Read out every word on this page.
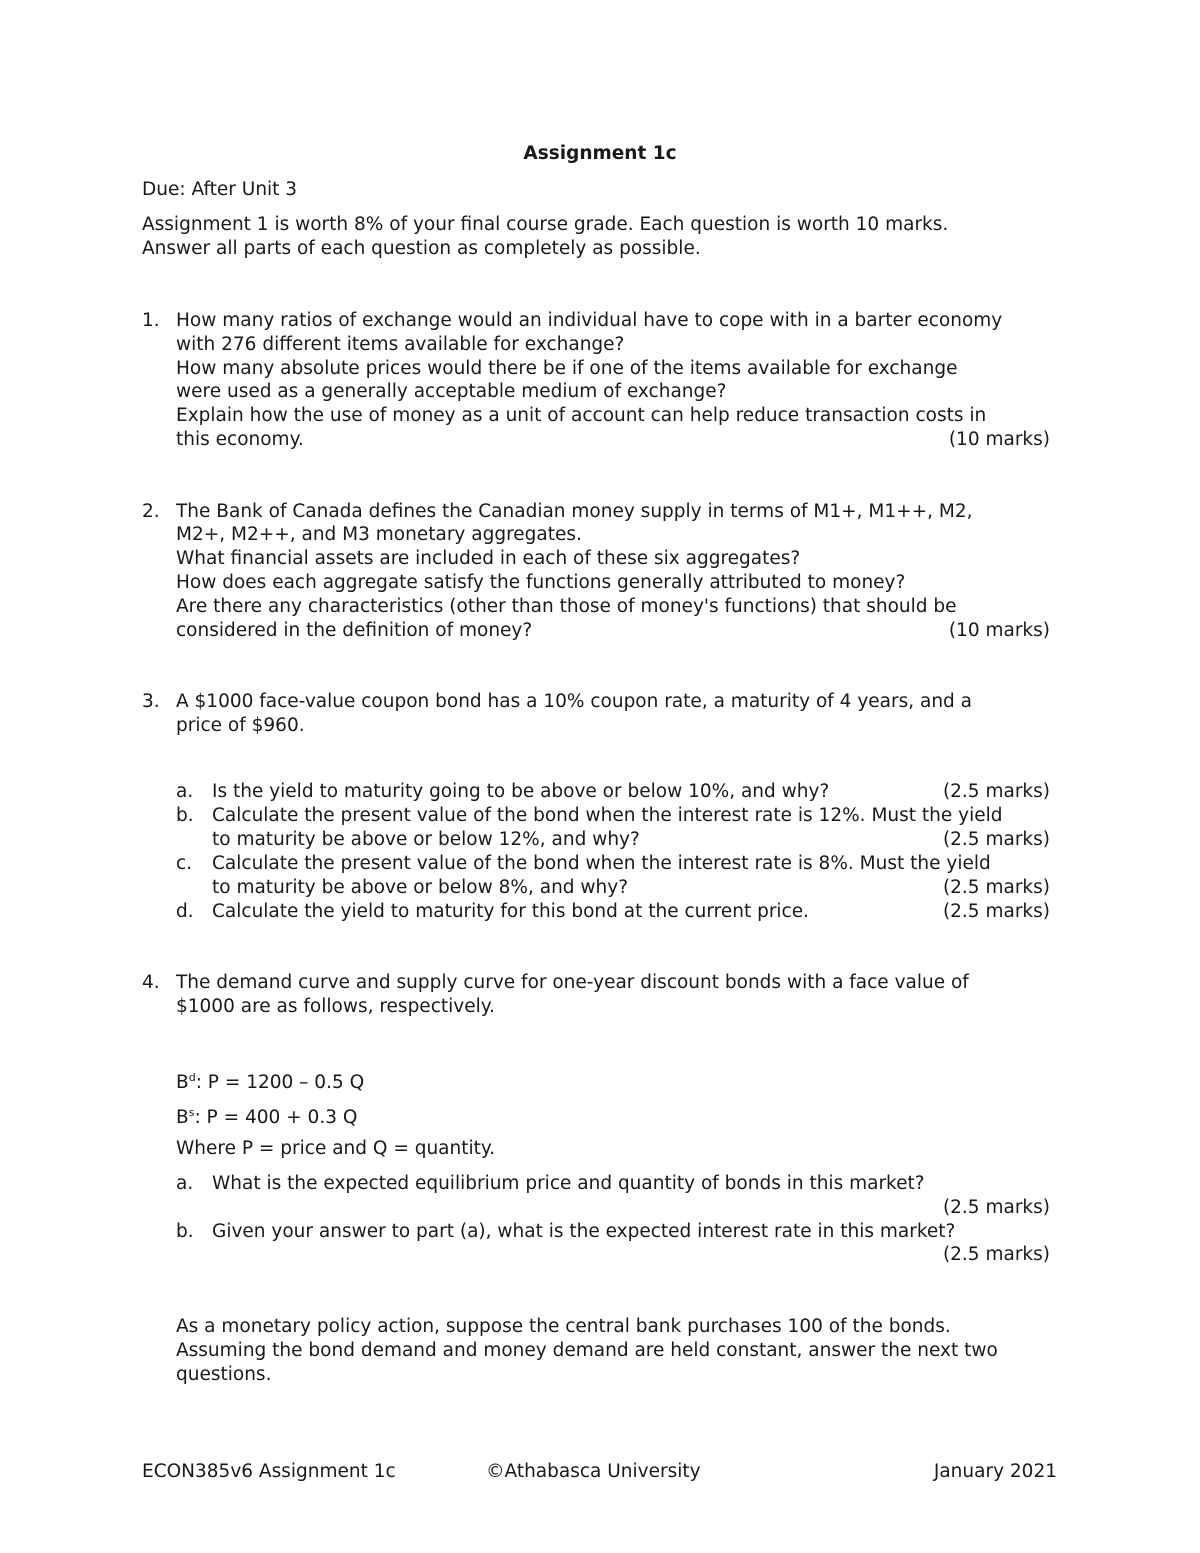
Assignment 1c
Due: After Unit 3
Assignment 1 is worth 8% of your final course grade. Each question is worth 10 marks.
Answer all parts of each question as completely as possible.
1. How many ratios of exchange would an individual have to cope with in a barter economy
with 276 different items available for exchange?
How many absolute prices would there be if one of the items available for exchange
were used as a generally acceptable medium of exchange?
Explain how the use of money as a unit of account can help reduce transaction costs in
this economy.	(10 marks)
2. The Bank of Canada defines the Canadian money supply in terms of M1+, M1++, M2,
M2+, M2++, and M3 monetary aggregates.
What financial assets are included in each of these six aggregates?
How does each aggregate satisfy the functions generally attributed to money?
Are there any characteristics (other than those of money's functions) that should be
considered in the definition of money?	(10 marks)
3. A $1000 face-value coupon bond has a 10% coupon rate, a maturity of 4 years, and a
price of $960.
a. Is the yield to maturity going to be above or below 10%, and why?	(2.5 marks)
b. Calculate the present value of the bond when the interest rate is 12%. Must the yield
to maturity be above or below 12%, and why?	(2.5 marks)
c. Calculate the present value of the bond when the interest rate is 8%. Must the yield
to maturity be above or below 8%, and why?	(2.5 marks)
d. Calculate the yield to maturity for this bond at the current price.	(2.5 marks)
4. The demand curve and supply curve for one-year discount bonds with a face value of
$1000 are as follows, respectively.
$B^d$: P = 1200 – 0.5 Q
$B^s$: P = 400 + 0.3 Q
Where P = price and Q = quantity.
a. What is the expected equilibrium price and quantity of bonds in this market?
(2.5 marks)
b. Given your answer to part (a), what is the expected interest rate in this market?
(2.5 marks)
As a monetary policy action, suppose the central bank purchases 100 of the bonds.
Assuming the bond demand and money demand are held constant, answer the next two
questions.
ECON385v6 Assignment 1c	©Athabasca University	January 2021
